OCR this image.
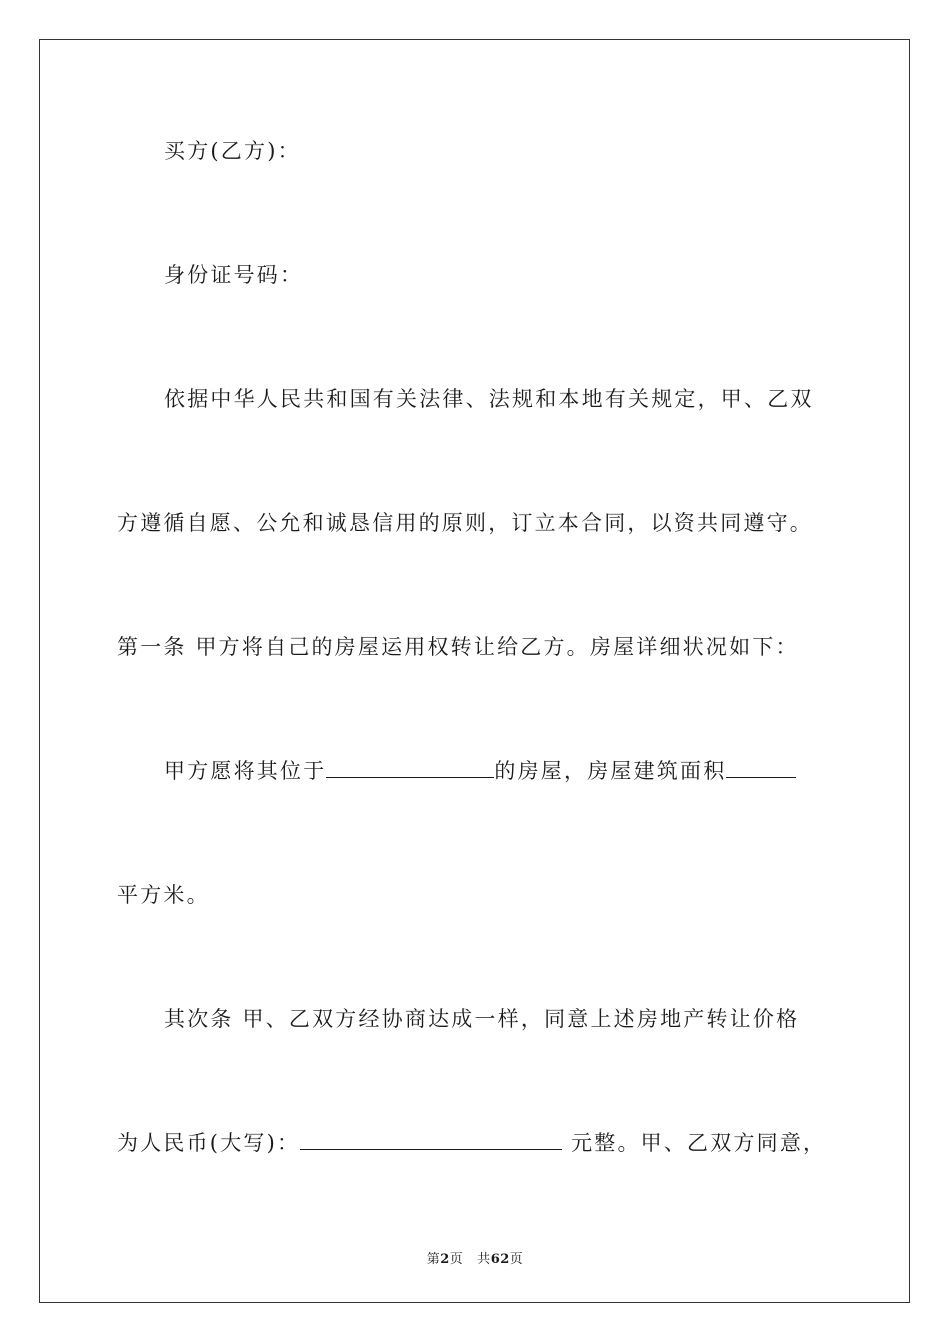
买方(乙方)：
身份证号码：
依据中华人民共和国有关法律、法规和本地有关规定，甲、乙双
方遵循自愿、公允和诚恳信用的原则，订立本合同，以资共同遵守。
第一条 甲方将自己的房屋运用权转让给乙方。房屋详细状况如下：
甲方愿将其位于	的房屋，房屋建筑面积
平方米。
其次条 甲、乙双方经协商达成一样，同意上述房地产转让价格
为人民币(大写)：	元整。甲、乙双方同意，
第2页 共62页
